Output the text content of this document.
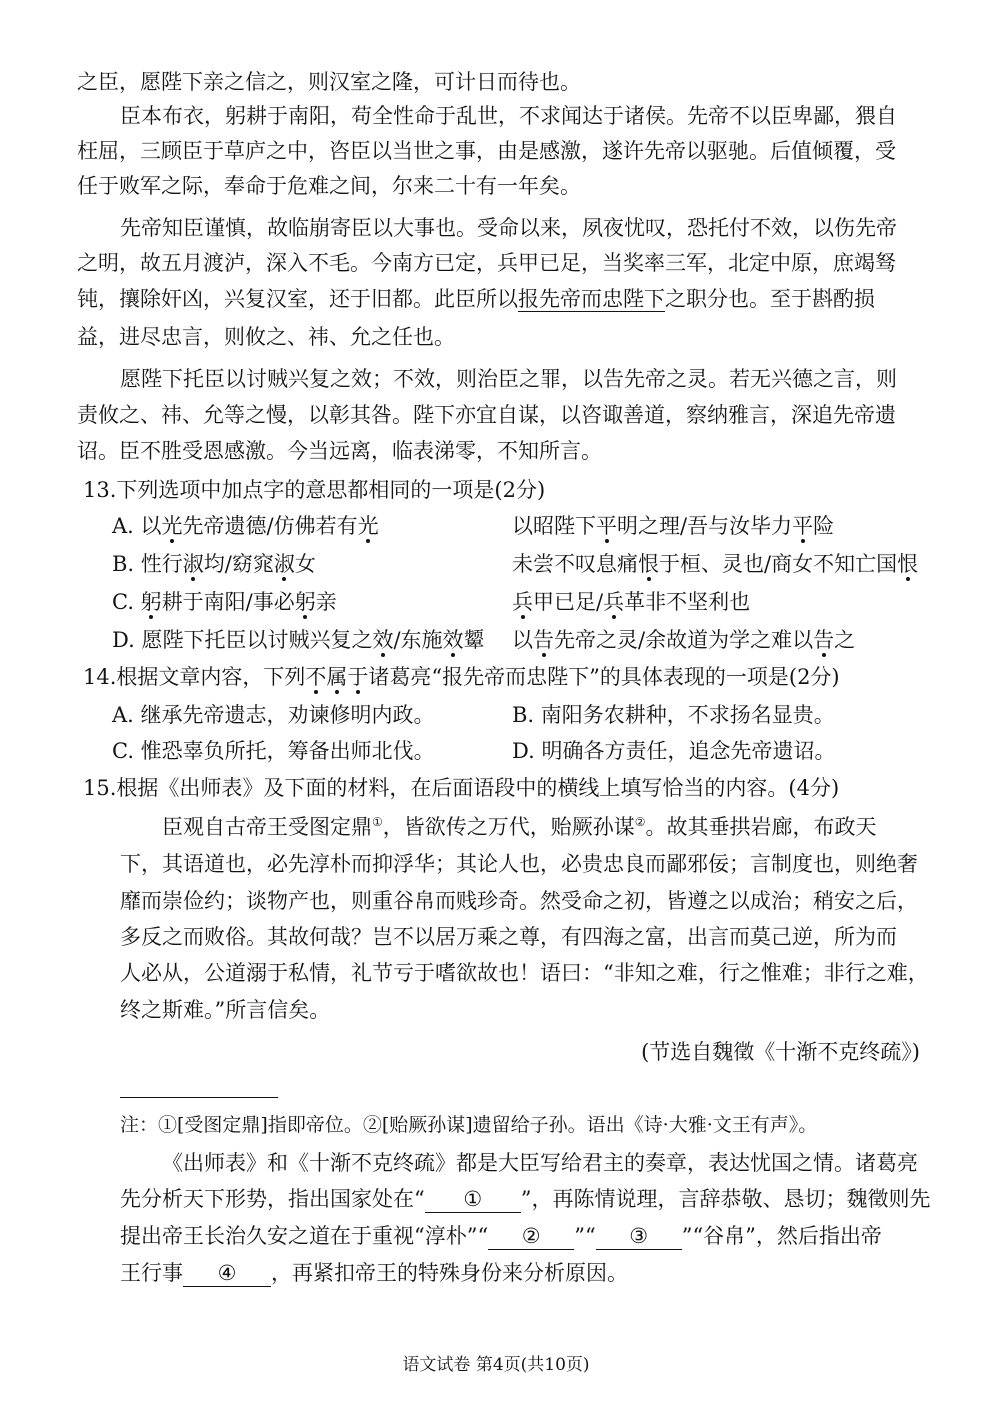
之臣，愿陛下亲之信之，则汉室之隆，可计日而待也。
臣本布衣，躬耕于南阳，苟全性命于乱世，不求闻达于诸侯。先帝不以臣卑鄙，猥自
枉屈，三顾臣于草庐之中，咨臣以当世之事，由是感激，遂许先帝以驱驰。后值倾覆，受
任于败军之际，奉命于危难之间，尔来二十有一年矣。
先帝知臣谨慎，故临崩寄臣以大事也。受命以来，夙夜忧叹，恐托付不效，以伤先帝
之明，故五月渡泸，深入不毛。今南方已定，兵甲已足，当奖率三军，北定中原，庶竭驽
钝，攘除奸凶，兴复汉室，还于旧都。此臣所以报先帝而忠陛下之职分也。至于斟酌损
益，进尽忠言，则攸之、祎、允之任也。
愿陛下托臣以讨贼兴复之效；不效，则治臣之罪，以告先帝之灵。若无兴德之言，则
责攸之、祎、允等之慢，以彰其咎。陛下亦宜自谋，以咨诹善道，察纳雅言，深追先帝遗
诏。臣不胜受恩感激。今当远离，临表涕零，不知所言。
13.下列选项中加点字的意思都相同的一项是(2分)
A. 以光先帝遗德/仿佛若有光	以昭陛下平明之理/吾与汝毕力平险
B. 性行淑均/窈窕淑女	未尝不叹息痛恨于桓、灵也/商女不知亡国恨
C. 躬耕于南阳/事必躬亲	兵甲已足/兵革非不坚利也
D. 愿陛下托臣以讨贼兴复之效/东施效颦	以告先帝之灵/余故道为学之难以告之
14.根据文章内容，下列不属于诸葛亮“报先帝而忠陛下”的具体表现的一项是(2分)
A. 继承先帝遗志，劝谏修明内政。	B. 南阳务农耕种，不求扬名显贵。
C. 惟恐辜负所托，筹备出师北伐。	D. 明确各方责任，追念先帝遗诏。
15.根据《出师表》及下面的材料，在后面语段中的横线上填写恰当的内容。(4分)
臣观自古帝王受图定鼎①，皆欲传之万代，贻厥孙谋②。故其垂拱岩廊，布政天
下，其语道也，必先淳朴而抑浮华；其论人也，必贵忠良而鄙邪佞；言制度也，则绝奢
靡而崇俭约；谈物产也，则重谷帛而贱珍奇。然受命之初，皆遵之以成治；稍安之后，
多反之而败俗。其故何哉？岂不以居万乘之尊，有四海之富，出言而莫己逆，所为而
人必从，公道溺于私情，礼节亏于嗜欲故也！语曰：“非知之难，行之惟难；非行之难，
终之斯难。”所言信矣。
(节选自魏徵《十渐不克终疏》)
注：①[受图定鼎]指即帝位。②[贻厥孙谋]遗留给子孙。语出《诗·大雅·文王有声》。
《出师表》和《十渐不克终疏》都是大臣写给君主的奏章，表达忧国之情。诸葛亮
先分析天下形势，指出国家处在“ ① ”，再陈情说理，言辞恭敬、恳切；魏徵则先
提出帝王长治久安之道在于重视“淳朴”“ ② ”“ ③ ”“谷帛”，然后指出帝
王行事 ④ ，再紧扣帝王的特殊身份来分析原因。
语文试卷 第4页(共10页)
